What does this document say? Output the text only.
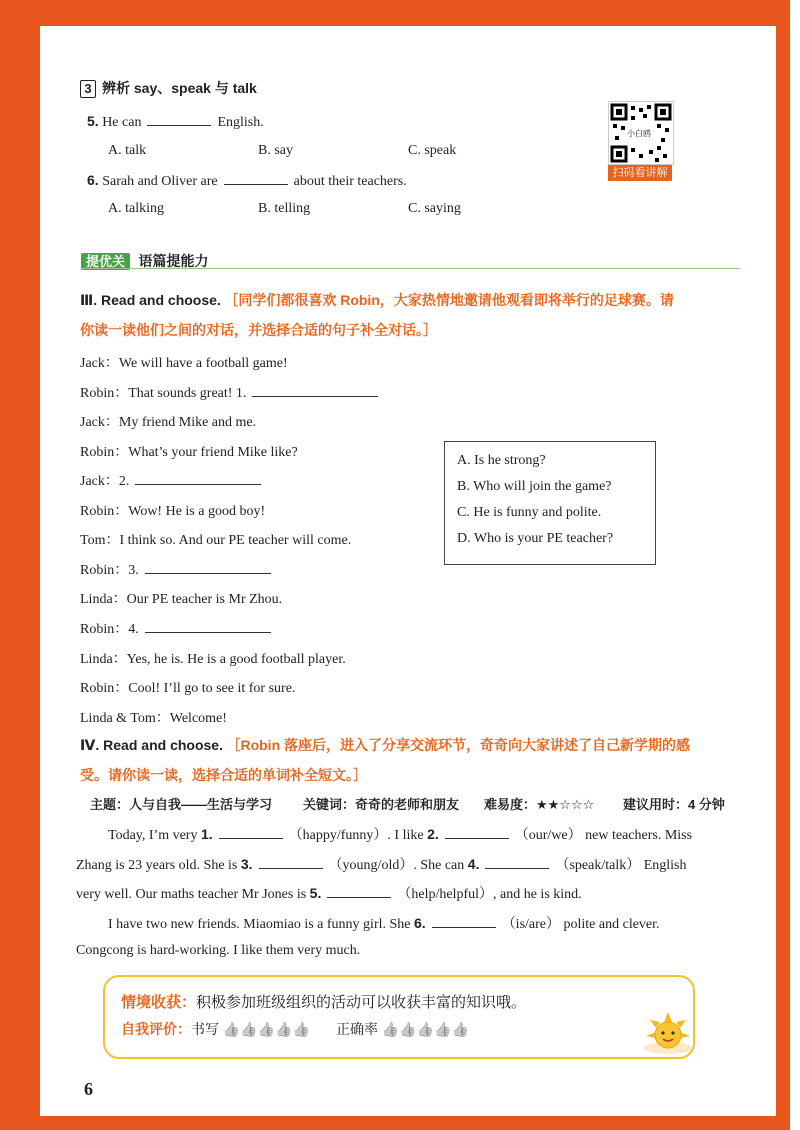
3 辨析 say、speak 与 talk
5. He can	English.
A. talk	B. say	C. speak
6. Sarah and Oliver are	about their teachers.
A. talking	B. telling	C. saying
小白鸥
扫码看讲解
提优关 语篇提能力
Ⅲ. Read and choose. ［同学们都很喜欢 Robin，大家热情地邀请他观看即将举行的足球赛。请
你读一读他们之间的对话，并选择合适的句子补全对话。］
Jack：We will have a football game!
Robin：That sounds great! 1.
Jack：My friend Mike and me.
Robin：What’s your friend Mike like?
Jack：2.
Robin：Wow! He is a good boy!
Tom：I think so. And our PE teacher will come.
Robin：3.
Linda：Our PE teacher is Mr Zhou.
Robin：4.
Linda：Yes, he is. He is a good football player.
Robin：Cool! I’ll go to see it for sure.
Linda & Tom：Welcome!
A. Is he strong?
B. Who will join the game?
C. He is funny and polite.
D. Who is your PE teacher?
Ⅳ. Read and choose. ［Robin 落座后，进入了分享交流环节，奇奇向大家讲述了自己新学期的感
受。请你读一读，选择合适的单词补全短文。］
主题：人与自我——生活与学习 关键词：奇奇的老师和朋友 难易度：★★☆☆☆ 建议用时：4 分钟
Today, I’m very 1.	（happy/funny）. I like 2.	（our/we） new teachers. Miss
Zhang is 23 years old. She is 3.	（young/old）. She can 4.	（speak/talk） English
very well. Our maths teacher Mr Jones is 5.	（help/helpful）, and he is kind.
I have two new friends. Miaomiao is a funny girl. She 6.	（is/are） polite and clever.
Congcong is hard-working. I like them very much.
情境收获：积极参加班级组织的活动可以收获丰富的知识哦。
自我评价：书写 👍👍👍👍👍 正确率 👍👍👍👍👍
6
